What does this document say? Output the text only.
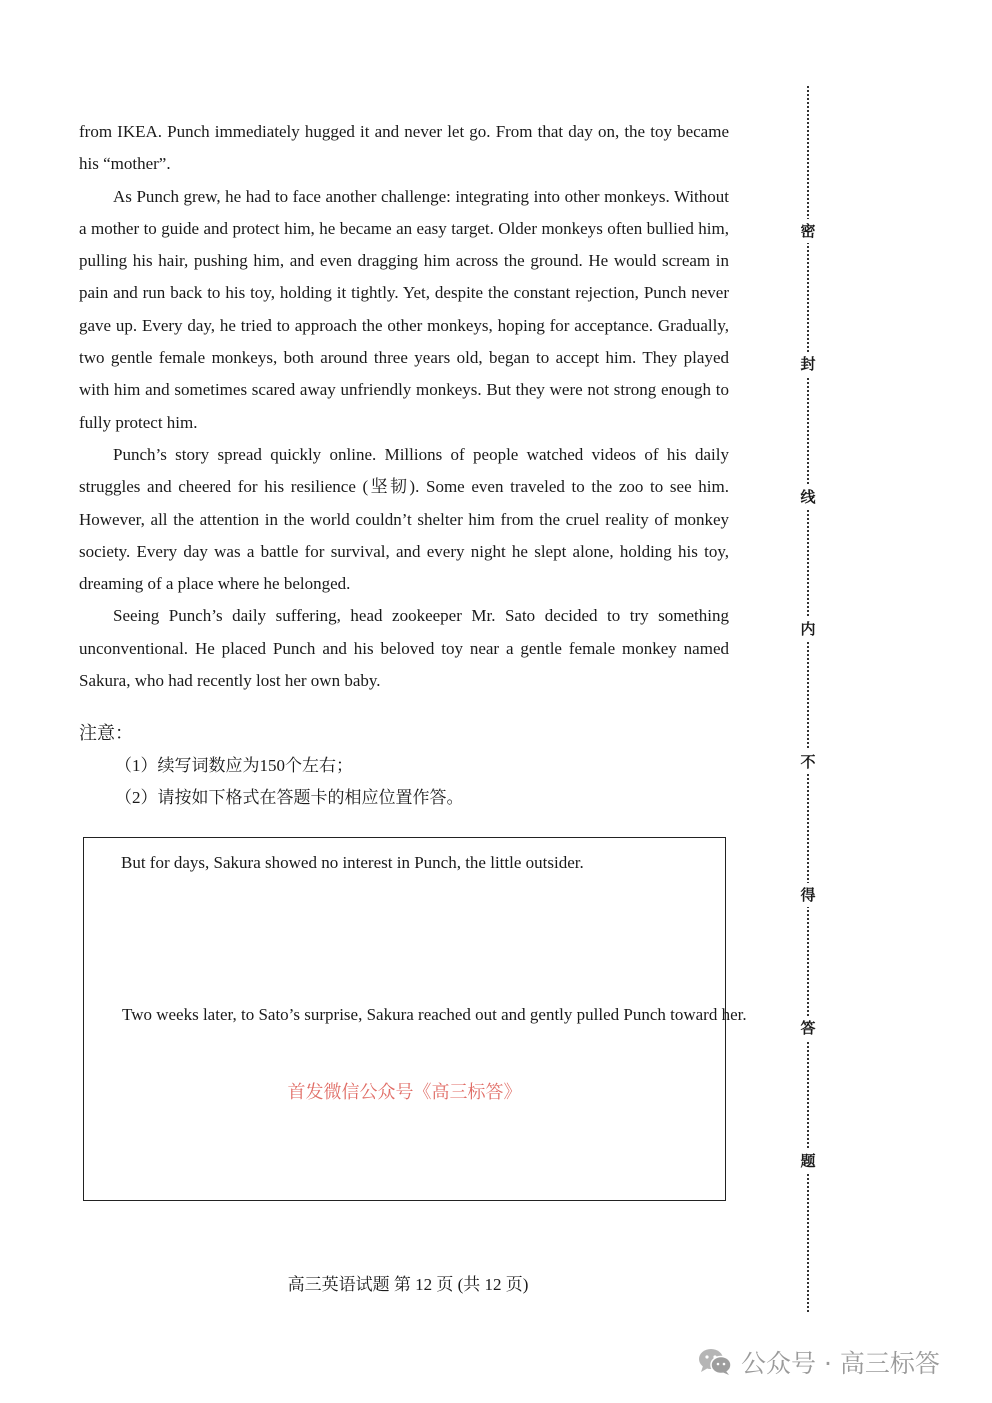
from IKEA. Punch immediately hugged it and never let go. From that day on, the toy became his “mother”.

As Punch grew, he had to face another challenge: integrating into other monkeys. Without a mother to guide and protect him, he became an easy target. Older monkeys often bullied him, pulling his hair, pushing him, and even dragging him across the ground. He would scream in pain and run back to his toy, holding it tightly. Yet, despite the constant rejection, Punch never gave up. Every day, he tried to approach the other monkeys, hoping for acceptance. Gradually, two gentle female monkeys, both around three years old, began to accept him. They played with him and sometimes scared away unfriendly monkeys. But they were not strong enough to fully protect him.

Punch’s story spread quickly online. Millions of people watched videos of his daily struggles and cheered for his resilience (坚韧). Some even traveled to the zoo to see him. However, all the attention in the world couldn’t shelter him from the cruel reality of monkey society. Every day was a battle for survival, and every night he slept alone, holding his toy, dreaming of a place where he belonged.

Seeing Punch’s daily suffering, head zookeeper Mr. Sato decided to try something unconventional. He placed Punch and his beloved toy near a gentle female monkey named Sakura, who had recently lost her own baby.

注意：

（1）续写词数应为150个左右；

（2）请按如下格式在答题卡的相应位置作答。

But for days, Sakura showed no interest in Punch, the little outsider.
Two weeks later, to Sato’s surprise, Sakura reached out and gently pulled Punch toward her.
首发微信公众号《高三标答》
高三英语试题 第 12 页 (共 12 页)
密
封
线
内
不
得
答
题
公众号 · 高三标答
